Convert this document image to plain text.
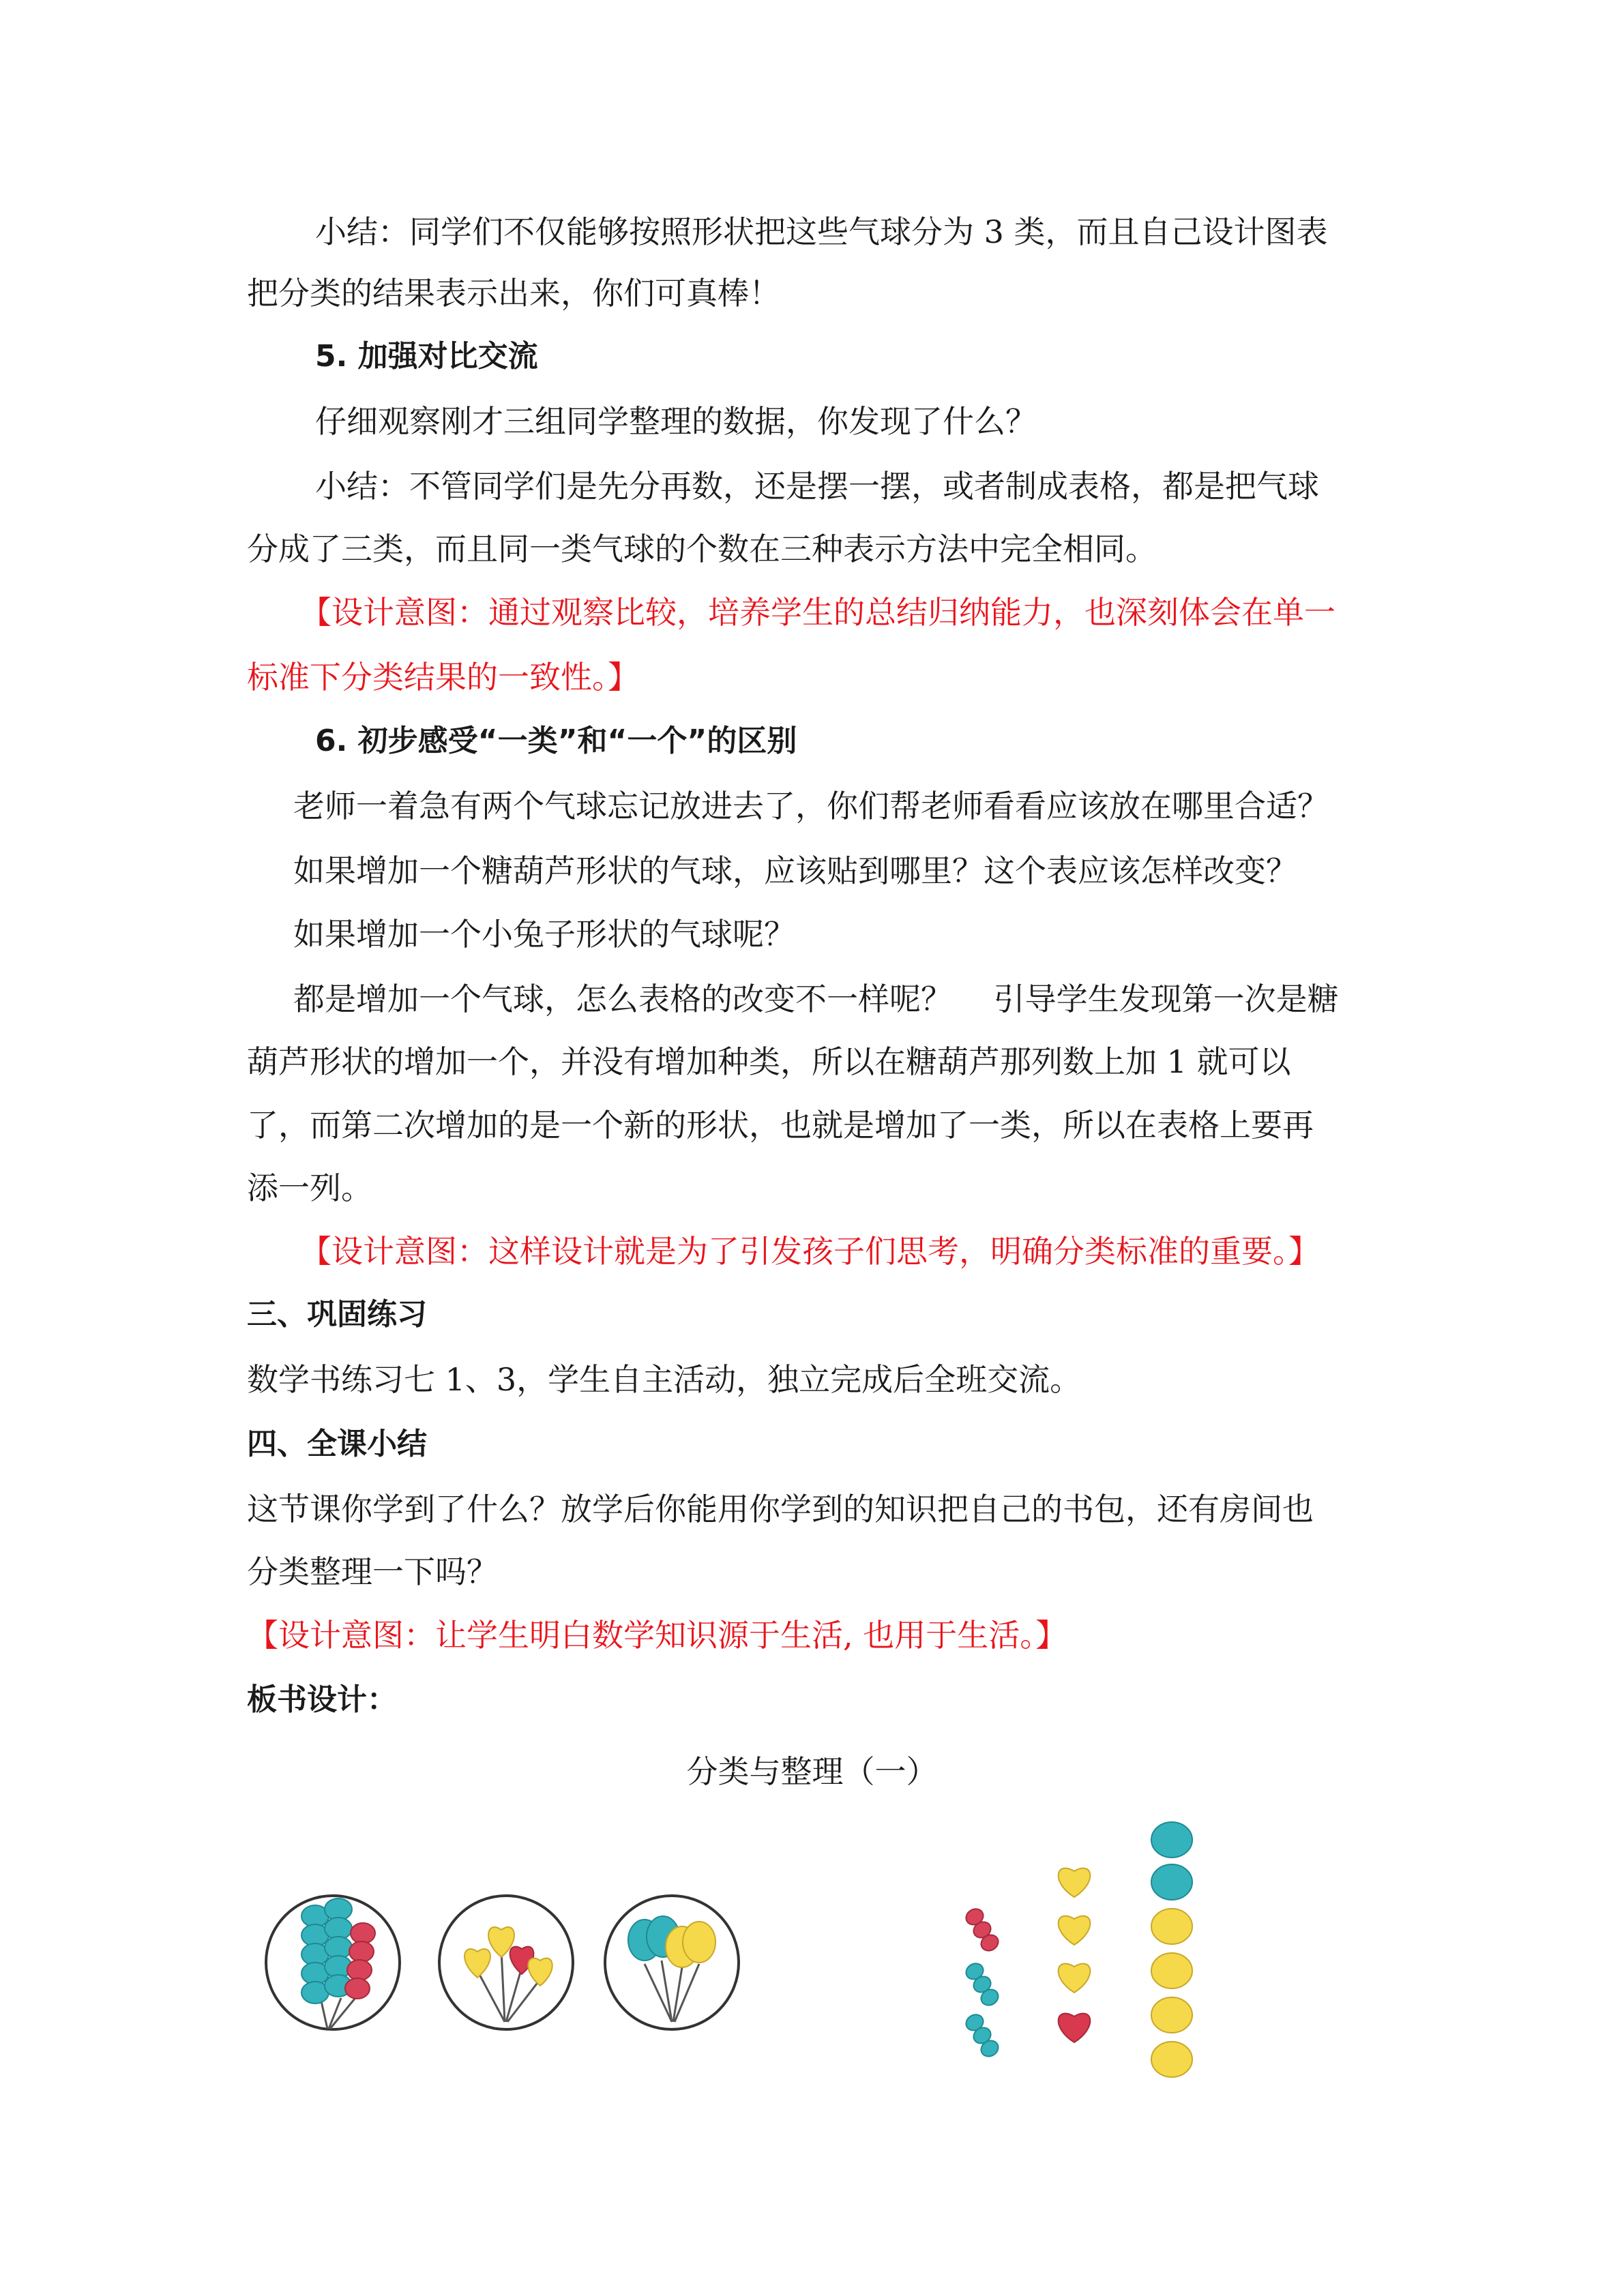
小结：同学们不仅能够按照形状把这些气球分为 3 类，而且自己设计图表
把分类的结果表示出来，你们可真棒！
5. 加强对比交流
仔细观察刚才三组同学整理的数据，你发现了什么？
小结：不管同学们是先分再数，还是摆一摆，或者制成表格，都是把气球
分成了三类，而且同一类气球的个数在三种表示方法中完全相同。
【设计意图：通过观察比较，培养学生的总结归纳能力，也深刻体会在单一
标准下分类结果的一致性。】
6. 初步感受“一类”和“一个”的区别
老师一着急有两个气球忘记放进去了，你们帮老师看看应该放在哪里合适？
如果增加一个糖葫芦形状的气球，应该贴到哪里？这个表应该怎样改变？
如果增加一个小兔子形状的气球呢？
都是增加一个气球，怎么表格的改变不一样呢？　 引导学生发现第一次是糖
葫芦形状的增加一个，并没有增加种类，所以在糖葫芦那列数上加 1 就可以
了，而第二次增加的是一个新的形状，也就是增加了一类，所以在表格上要再
添一列。
【设计意图：这样设计就是为了引发孩子们思考，明确分类标准的重要。】
三、巩固练习
数学书练习七 1、3，学生自主活动，独立完成后全班交流。
四、全课小结
这节课你学到了什么？放学后你能用你学到的知识把自己的书包，还有房间也
分类整理一下吗？
【设计意图：让学生明白数学知识源于生活, 也用于生活。】
板书设计：
分类与整理（一）
